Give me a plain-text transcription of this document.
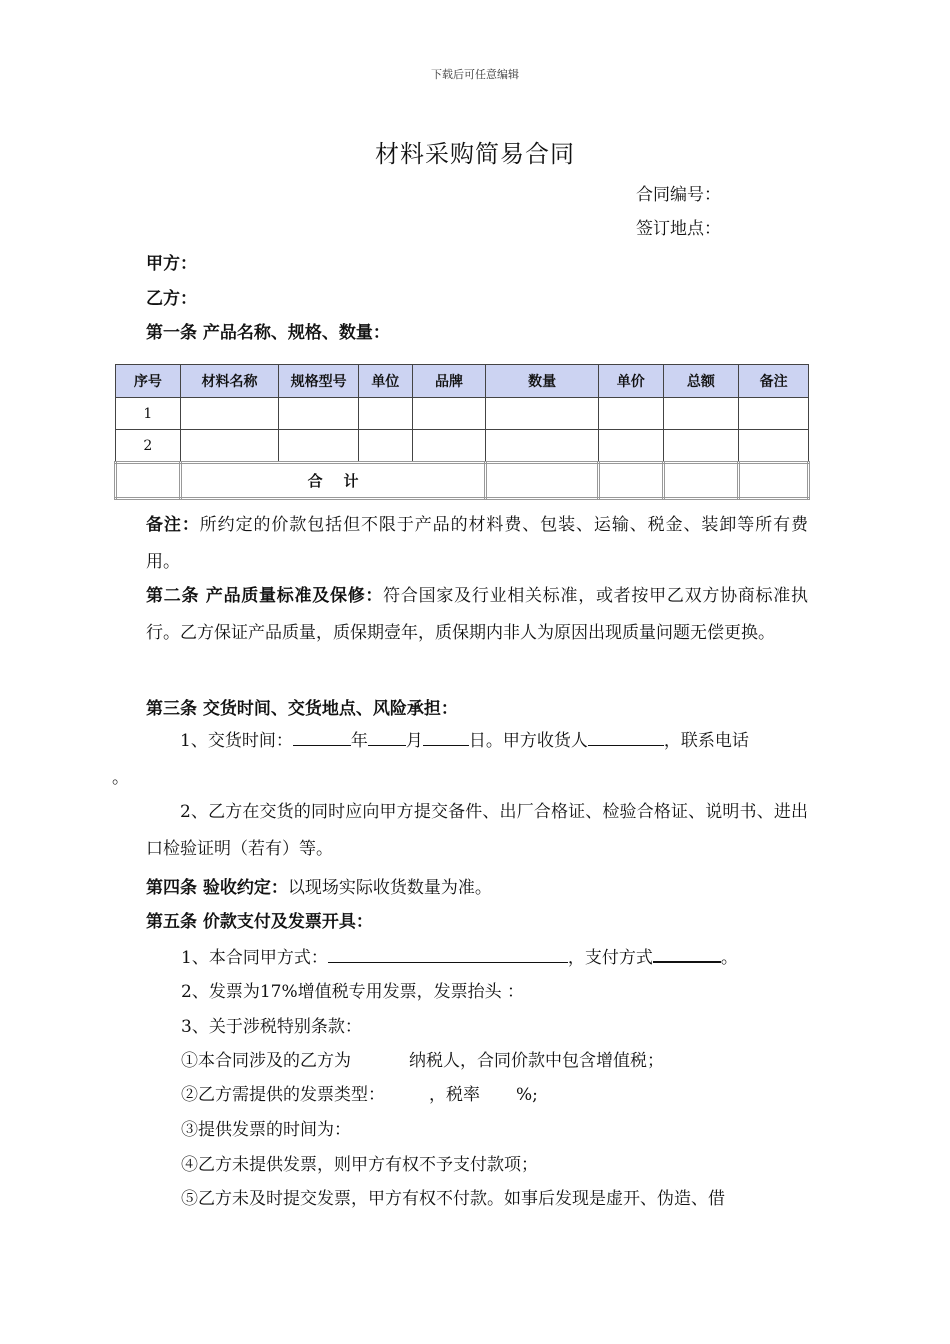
下载后可任意编辑
材料采购简易合同
合同编号：
签订地点：
甲方：
乙方：
第一条 产品名称、规格、数量：
序号	材料名称	规格型号	单位	品牌	数量	单价	总额	备注
1								
2								
	合    计							
备注：所约定的价款包括但不限于产品的材料费、包装、运输、税金、装卸等所有费用。
第二条 产品质量标准及保修：符合国家及行业相关标准，或者按甲乙双方协商标准执行。乙方保证产品质量，质保期壹年，质保期内非人为原因出现质量问题无偿更换。
第三条 交货时间、交货地点、风险承担：
1、交货时间：	年 月	日。甲方收货人	，联系电话
。
2、乙方在交货的同时应向甲方提交备件、出厂合格证、检验合格证、说明书、进出口检验证明（若有）等。
第四条 验收约定：以现场实际收货数量为准。
第五条 价款支付及发票开具：
1、本合同甲方式：	，支付方式	。
2、发票为17%增值税专用发票，发票抬头 ：
3、关于涉税特别条款：
①本合同涉及的乙方为	纳税人，合同价款中包含增值税；
②乙方需提供的发票类型：	，税率 %;
③提供发票的时间为：
④乙方未提供发票，则甲方有权不予支付款项；
⑤乙方未及时提交发票，甲方有权不付款。如事后发现是虚开、伪造、借
